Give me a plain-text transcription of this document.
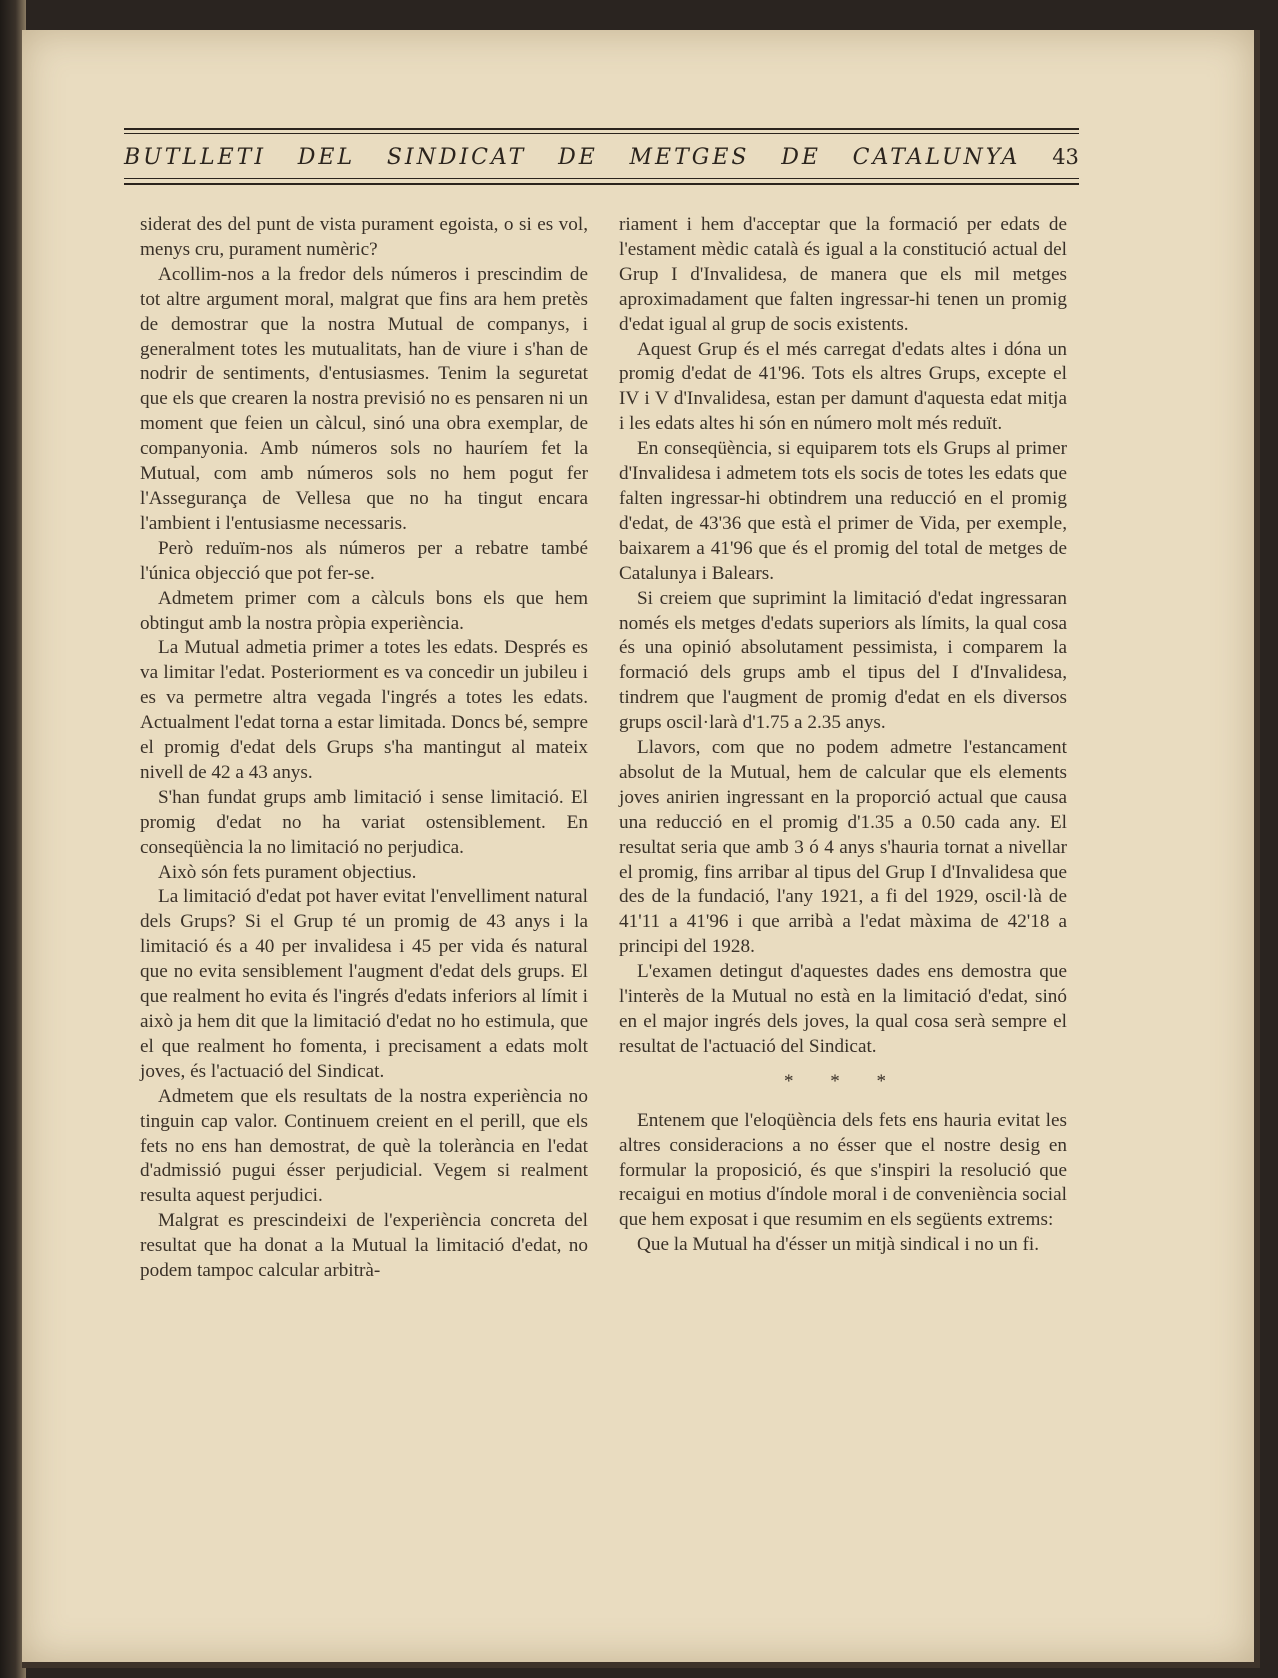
BUTLLETI DEL SINDICAT DE METGES DE CATALUNYA 43

siderat des del punt de vista purament egoista, o si es vol, menys cru, purament numèric?

Acollim-nos a la fredor dels números i prescindim de tot altre argument moral, malgrat que fins ara hem pretès de demostrar que la nostra Mutual de companys, i generalment totes les mutualitats, han de viure i s'han de nodrir de sentiments, d'entusiasmes. Tenim la seguretat que els que crearen la nostra previsió no es pensaren ni un moment que feien un càlcul, sinó una obra exemplar, de companyonia. Amb números sols no hauríem fet la Mutual, com amb números sols no hem pogut fer l'Assegurança de Vellesa que no ha tingut encara l'ambient i l'entusiasme necessaris.

Però reduïm-nos als números per a rebatre també l'única objecció que pot fer-se.

Admetem primer com a càlculs bons els que hem obtingut amb la nostra pròpia experiència.

La Mutual admetia primer a totes les edats. Després es va limitar l'edat. Posteriorment es va concedir un jubileu i es va permetre altra vegada l'ingrés a totes les edats. Actualment l'edat torna a estar limitada. Doncs bé, sempre el promig d'edat dels Grups s'ha mantingut al mateix nivell de 42 a 43 anys.

S'han fundat grups amb limitació i sense limitació. El promig d'edat no ha variat ostensiblement. En conseqüència la no limitació no perjudica.

Això són fets purament objectius.

La limitació d'edat pot haver evitat l'envelliment natural dels Grups? Si el Grup té un promig de 43 anys i la limitació és a 40 per invalidesa i 45 per vida és natural que no evita sensiblement l'augment d'edat dels grups. El que realment ho evita és l'ingrés d'edats inferiors al límit i això ja hem dit que la limitació d'edat no ho estimula, que el que realment ho fomenta, i precisament a edats molt joves, és l'actuació del Sindicat.

Admetem que els resultats de la nostra experiència no tinguin cap valor. Continuem creient en el perill, que els fets no ens han demostrat, de què la tolerància en l'edat d'admissió pugui ésser perjudicial. Vegem si realment resulta aquest perjudici.

Malgrat es prescindeixi de l'experiència concreta del resultat que ha donat a la Mutual la limitació d'edat, no podem tampoc calcular arbitrà-

riament i hem d'acceptar que la formació per edats de l'estament mèdic català és igual a la constitució actual del Grup I d'Invalidesa, de manera que els mil metges aproximadament que falten ingressar-hi tenen un promig d'edat igual al grup de socis existents.

Aquest Grup és el més carregat d'edats altes i dóna un promig d'edat de 41'96. Tots els altres Grups, excepte el IV i V d'Invalidesa, estan per damunt d'aquesta edat mitja i les edats altes hi són en número molt més reduït.

En conseqüència, si equiparem tots els Grups al primer d'Invalidesa i admetem tots els socis de totes les edats que falten ingressar-hi obtindrem una reducció en el promig d'edat, de 43'36 que està el primer de Vida, per exemple, baixarem a 41'96 que és el promig del total de metges de Catalunya i Balears.

Si creiem que suprimint la limitació d'edat ingressaran només els metges d'edats superiors als límits, la qual cosa és una opinió absolutament pessimista, i comparem la formació dels grups amb el tipus del I d'Invalidesa, tindrem que l'augment de promig d'edat en els diversos grups oscil·larà d'1.75 a 2.35 anys.

Llavors, com que no podem admetre l'estancament absolut de la Mutual, hem de calcular que els elements joves anirien ingressant en la proporció actual que causa una reducció en el promig d'1.35 a 0.50 cada any. El resultat seria que amb 3 ó 4 anys s'hauria tornat a nivellar el promig, fins arribar al tipus del Grup I d'Invalidesa que des de la fundació, l'any 1921, a fi del 1929, oscil·là de 41'11 a 41'96 i que arribà a l'edat màxima de 42'18 a principi del 1928.

L'examen detingut d'aquestes dades ens demostra que l'interès de la Mutual no està en la limitació d'edat, sinó en el major ingrés dels joves, la qual cosa serà sempre el resultat de l'actuació del Sindicat.

* * *

Entenem que l'eloqüència dels fets ens hauria evitat les altres consideracions a no ésser que el nostre desig en formular la proposició, és que s'inspiri la resolució que recaigui en motius d'índole moral i de conveniència social que hem exposat i que resumim en els següents extrems:

Que la Mutual ha d'ésser un mitjà sindical i no un fi.
